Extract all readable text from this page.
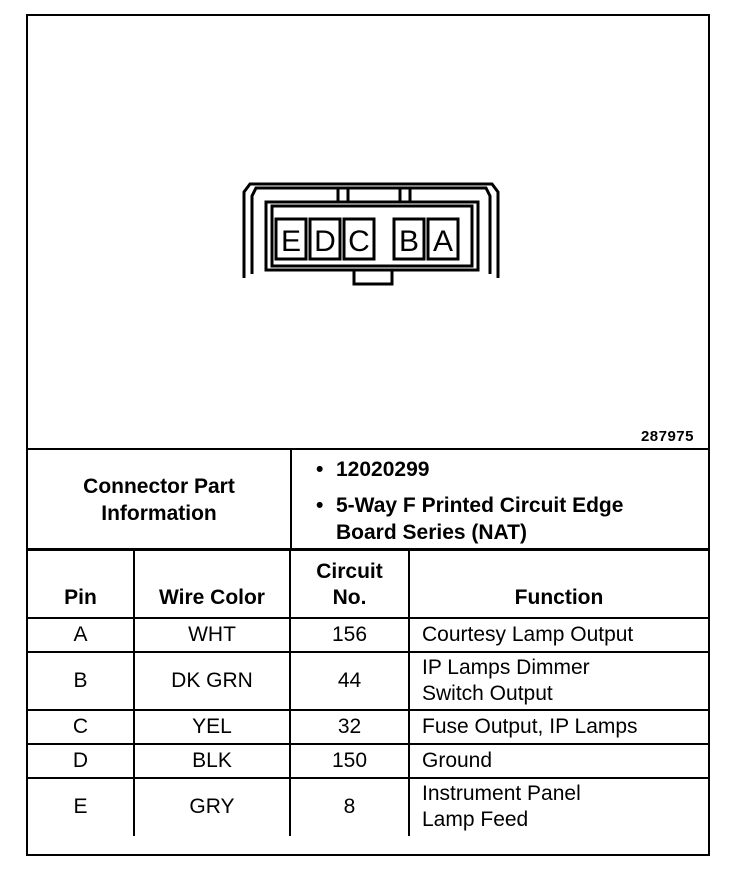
E D C B A
287975
Connector Part Information
• 12020299
• 5-Way F Printed Circuit Edge Board Series (NAT)
Pin	Wire Color	Circuit No.	Function
A	WHT	156	Courtesy Lamp Output
B	DK GRN	44	IP Lamps Dimmer Switch Output

C	YEL	32	Fuse Output, IP Lamps
D	BLK	150	Ground
E	GRY	8	Instrument Panel Lamp Feed
